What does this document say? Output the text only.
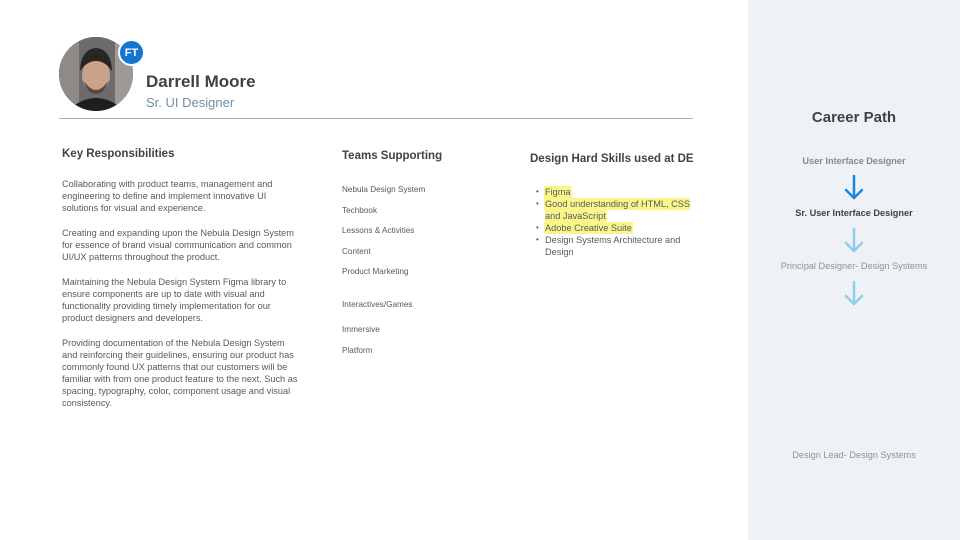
FT
Darrell Moore
Sr. UI Designer
Key Responsibilities

Collaborating with product teams, management and engineering to define and implement innovative UI solutions for visual and experience.

Creating and expanding upon the Nebula Design System for essence of brand visual communication and common UI/UX patterns throughout the product.

Maintaining the Nebula Design System Figma library to ensure components are up to date with visual and functionality providing timely implementation for our product designers and developers.

Providing documentation of the Nebula Design System and reinforcing their guidelines, ensuring our product has commonly found UX patterns that our customers will be familiar with from one product feature to the next. Such as spacing, typography, color, component usage and visual consistency.

Teams Supporting
Nebula Design System
Techbook
Lessons & Activities
Content
Product Marketing
Interactives/Games
Immersive
Platform
Design Hard Skills used at DE
• Figma
• Good understanding of HTML, CSS and JavaScript
• Adobe Creative Suite
• Design Systems Architecture and Design
Career Path
User Interface Designer
Sr. User Interface Designer
Principal Designer- Design Systems
Design Lead- Design Systems
